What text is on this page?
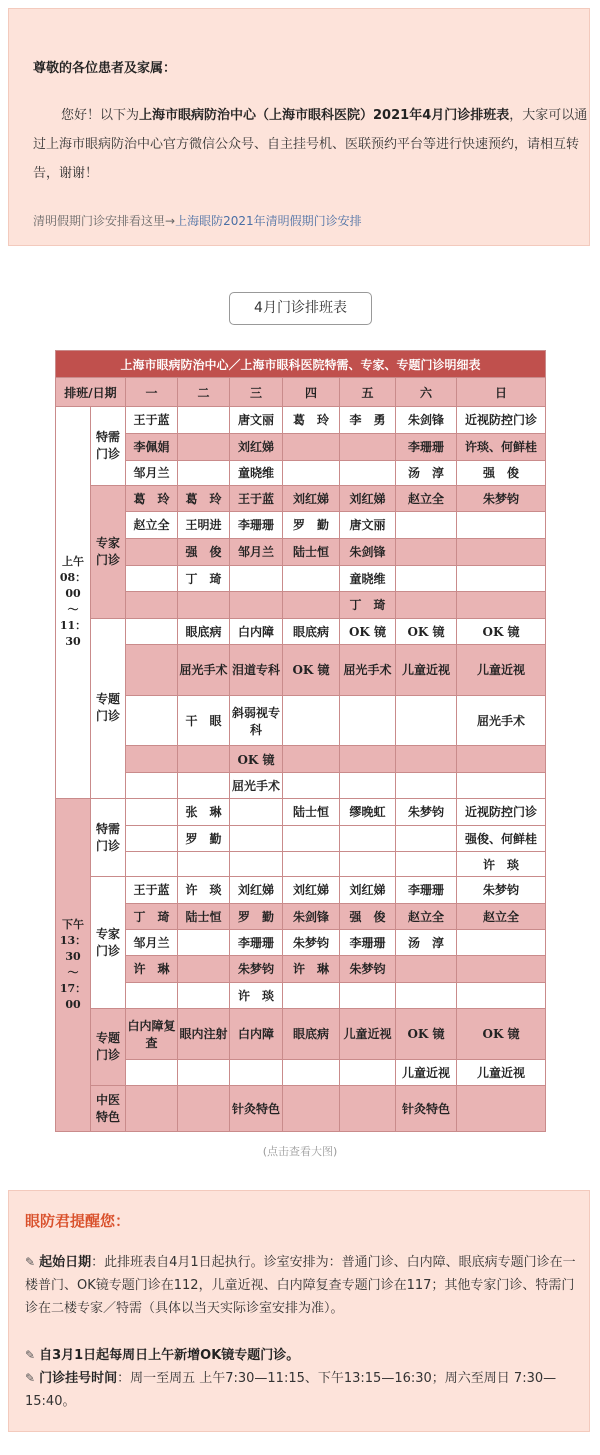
尊敬的各位患者及家属：
您好！以下为上海市眼病防治中心（上海市眼科医院）2021年4月门诊排班表，大家可以通过上海市眼病防治中心官方微信公众号、自主挂号机、医联预约平台等进行快速预约，请相互转告，谢谢！
清明假期门诊安排看这里→上海眼防2021年清明假期门诊安排
4月门诊排班表
上海市眼病防治中心／上海市眼科医院特需、专家、专题门诊明细表								
排班/日期		一	二	三	四	五	六	日
上午
08：00
～
11：30	特需
门诊	王于蓝		唐文丽	葛　玲	李　勇	朱剑锋	近视防控门诊
		李佩娟		刘红娣			李珊珊	许琰、何鲜桂
		邹月兰		童晓维			汤　淳	强　俊
	专家
门诊	葛　玲	葛　玲	王于蓝	刘红娣	刘红娣	赵立全	朱梦钧
		赵立全	王明进	李珊珊	罗　勤	唐文丽		
			强　俊	邹月兰	陆士恒	朱剑锋		
			丁　琦			童晓维		
						丁　琦		
	专题
门诊		眼底病	白内障	眼底病	OK 镜	OK 镜	OK 镜
			屈光手术	泪道专科	OK 镜	屈光手术	儿童近视	儿童近视
			干　眼	斜弱视专科				屈光手术
				OK 镜				
				屈光手术				
下午
13：30
～
17：00	特需
门诊		张　琳		陆士恒	缪晚虹	朱梦钧	近视防控门诊
			罗　勤					强俊、何鲜桂
								许　琰
	专家
门诊	王于蓝	许　琰	刘红娣	刘红娣	刘红娣	李珊珊	朱梦钧
		丁　琦	陆士恒	罗　勤	朱剑锋	强　俊	赵立全	赵立全
		邹月兰		李珊珊	朱梦钧	李珊珊	汤　淳	
		许　琳		朱梦钧	许　琳	朱梦钧		
				许　琰				
	专题
门诊	白内障复查	眼内注射	白内障	眼底病	儿童近视	OK 镜	OK 镜
							儿童近视	儿童近视
	中医
特色			针灸特色			针灸特色	
(点击查看大图)
眼防君提醒您：
✎ 起始日期：此排班表自4月1日起执行。诊室安排为：普通门诊、白内障、眼底病专题门诊在一楼普门、OK镜专题门诊在112，儿童近视、白内障复查专题门诊在117；其他专家门诊、特需门诊在二楼专家／特需（具体以当天实际诊室安排为准）。
✎ 自3月1日起每周日上午新增OK镜专题门诊。
✎ 门诊挂号时间：周一至周五 上午7:30—11:15、下午13:15—16:30；周六至周日 7:30—15:40。
